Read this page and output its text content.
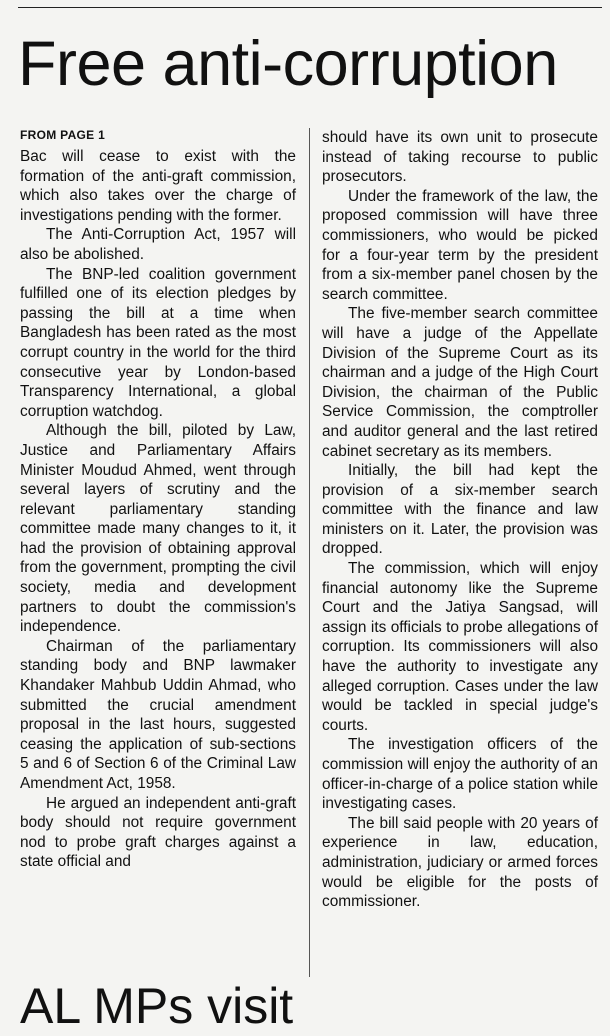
Free anti-corruption
FROM PAGE 1

Bac will cease to exist with the formation of the anti-graft commission, which also takes over the charge of investigations pending with the former.

The Anti-Corruption Act, 1957 will also be abolished.

The BNP-led coalition government fulfilled one of its election pledges by passing the bill at a time when Bangladesh has been rated as the most corrupt country in the world for the third consecutive year by London-based Transparency International, a global corruption watchdog.

Although the bill, piloted by Law, Justice and Parliamentary Affairs Minister Moudud Ahmed, went through several layers of scrutiny and the relevant parliamentary standing committee made many changes to it, it had the provision of obtaining approval from the government, prompting the civil society, media and development partners to doubt the commission's independence.

Chairman of the parliamentary standing body and BNP lawmaker Khandaker Mahbub Uddin Ahmad, who submitted the crucial amendment proposal in the last hours, suggested ceasing the application of sub-sections 5 and 6 of Section 6 of the Criminal Law Amendment Act, 1958.

He argued an independent anti-graft body should not require government nod to probe graft charges against a state official and

should have its own unit to prosecute instead of taking recourse to public prosecutors.

Under the framework of the law, the proposed commission will have three commissioners, who would be picked for a four-year term by the president from a six-member panel chosen by the search committee.

The five-member search committee will have a judge of the Appellate Division of the Supreme Court as its chairman and a judge of the High Court Division, the chairman of the Public Service Commission, the comptroller and auditor general and the last retired cabinet secretary as its members.

Initially, the bill had kept the provision of a six-member search committee with the finance and law ministers on it. Later, the provision was dropped.

The commission, which will enjoy financial autonomy like the Supreme Court and the Jatiya Sangsad, will assign its officials to probe allegations of corruption. Its commissioners will also have the authority to investigate any alleged corruption. Cases under the law would be tackled in special judge's courts.

The investigation officers of the commission will enjoy the authority of an officer-in-charge of a police station while investigating cases.

The bill said people with 20 years of experience in law, education, administration, judiciary or armed forces would be eligible for the posts of commissioner.

AL MPs visit
